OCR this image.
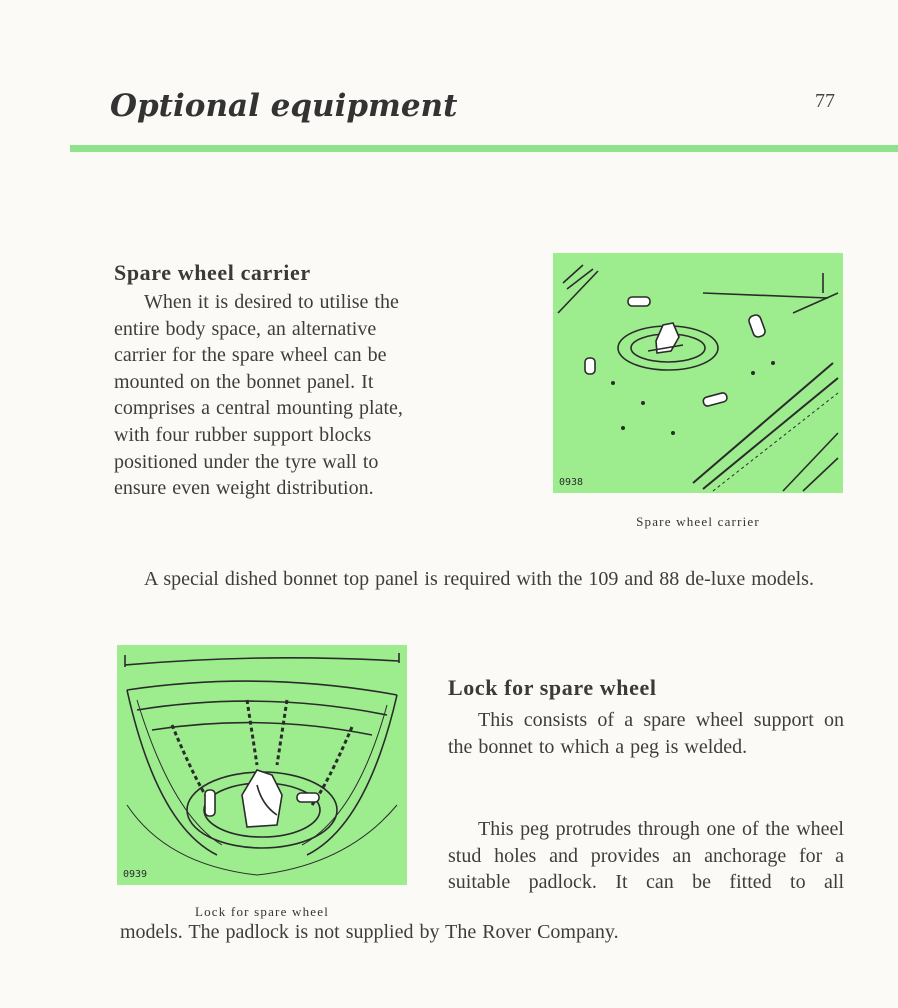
Optional equipment	77
Spare wheel carrier
When it is desired to utilise the
entire body space, an alternative
carrier for the spare wheel can be
mounted on the bonnet panel. It
comprises a central mounting plate,
with four rubber support blocks
positioned under the tyre wall to
ensure even weight distribution.	0938
Spare wheel carrier
A special dished bonnet top panel is required with the 109 and 88 de-luxe models.
0939
Lock for spare wheel
Lock for spare wheel
This consists of a spare wheel support on the bonnet to which a peg is welded.
This peg protrudes through one of the wheel stud holes and provides an anchorage for a suitable padlock. It can be fitted to all
models. The padlock is not supplied by The Rover Company.
